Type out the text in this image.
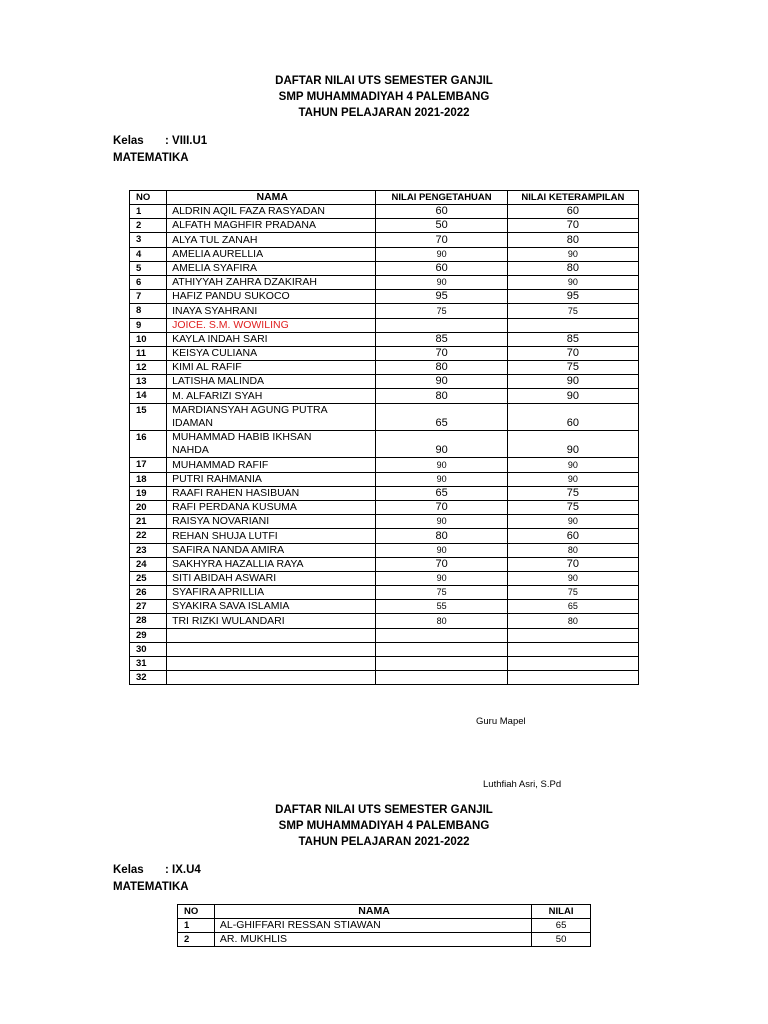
DAFTAR NILAI UTS SEMESTER GANJIL
SMP MUHAMMADIYAH 4 PALEMBANG
TAHUN PELAJARAN 2021-2022
Kelas : VIII.U1
MATEMATIKA
NO	NAMA	NILAI PENGETAHUAN	NILAI KETERAMPILAN
1	ALDRIN AQIL FAZA RASYADAN	60	60
2	ALFATH MAGHFIR PRADANA	50	70
3	ALYA TUL ZANAH	70	80
4	AMELIA AURELLIA	90	90
5	AMELIA SYAFIRA	60	80
6	ATHIYYAH ZAHRA DZAKIRAH	90	90
7	HAFIZ PANDU SUKOCO	95	95
8	INAYA SYAHRANI	75	75
9	JOICE. S.M. WOWILING		
10	KAYLA INDAH SARI	85	85
11	KEISYA CULIANA	70	70
12	KIMI AL RAFIF	80	75
13	LATISHA MALINDA	90	90
14	M. ALFARIZI SYAH	80	90
15	MARDIANSYAH AGUNG PUTRA
IDAMAN	65	60
16	MUHAMMAD HABIB IKHSAN
NAHDA	90	90
17	MUHAMMAD RAFIF	90	90
18	PUTRI RAHMANIA	90	90
19	RAAFI RAHEN HASIBUAN	65	75
20	RAFI PERDANA KUSUMA	70	75
21	RAISYA NOVARIANI	90	90
22	REHAN SHUJA LUTFI	80	60
23	SAFIRA NANDA AMIRA	90	80
24	SAKHYRA HAZALLIA RAYA	70	70
25	SITI ABIDAH ASWARI	90	90
26	SYAFIRA APRILLIA	75	75
27	SYAKIRA SAVA ISLAMIA	55	65
28	TRI RIZKI WULANDARI	80	80
29			
30			
31			
32			
Guru Mapel
Luthfiah Asri, S.Pd
DAFTAR NILAI UTS SEMESTER GANJIL
SMP MUHAMMADIYAH 4 PALEMBANG
TAHUN PELAJARAN 2021-2022
Kelas : IX.U4
MATEMATIKA
NO	NAMA	NILAI
1	AL-GHIFFARI RESSAN STIAWAN	65
2	AR. MUKHLIS	50
